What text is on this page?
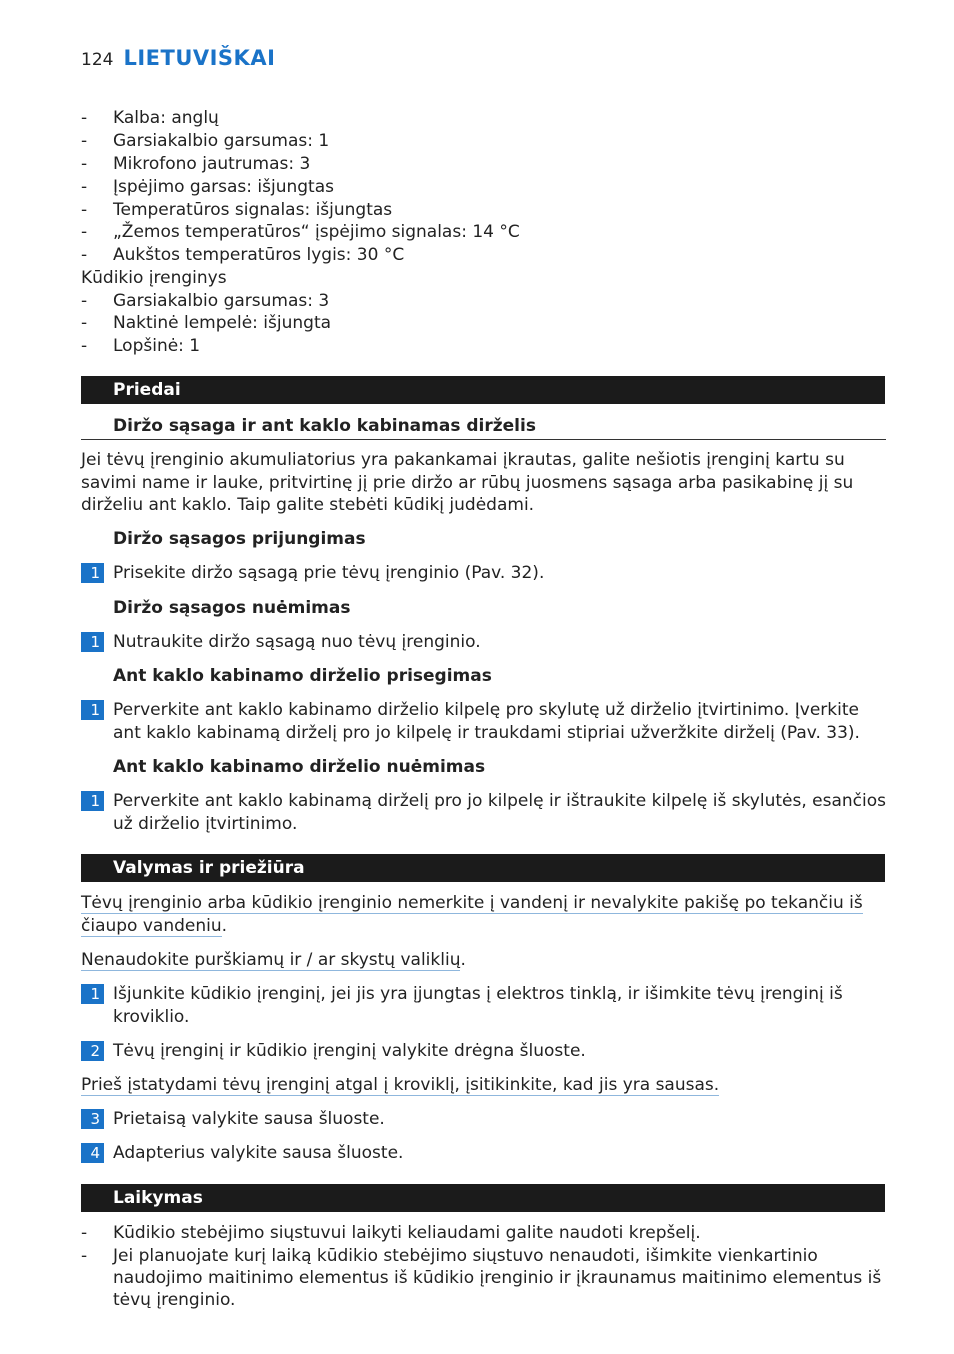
124 LIETUVIŠKAI
- Kalba: anglų
- Garsiakalbio garsumas: 1
- Mikrofono jautrumas: 3
- Įspėjimo garsas: išjungtas
- Temperatūros signalas: išjungtas
- „Žemos temperatūros“ įspėjimo signalas: 14 °C
- Aukštos temperatūros lygis: 30 °C
Kūdikio įrenginys
- Garsiakalbio garsumas: 3
- Naktinė lempelė: išjungta
- Lopšinė: 1
Priedai
Diržo sąsaga ir ant kaklo kabinamas dirželis
Jei tėvų įrenginio akumuliatorius yra pakankamai įkrautas, galite nešiotis įrenginį kartu su savimi name ir lauke, pritvirtinę jį prie diržo ar rūbų juosmens sąsaga arba pasikabinę jį su dirželiu ant kaklo. Taip galite stebėti kūdikį judėdami.
Diržo sąsagos prijungimas
1 Prisekite diržo sąsagą prie tėvų įrenginio (Pav. 32).
Diržo sąsagos nuėmimas
1 Nutraukite diržo sąsagą nuo tėvų įrenginio.
Ant kaklo kabinamo dirželio prisegimas
1 Perverkite ant kaklo kabinamo dirželio kilpelę pro skylutę už dirželio įtvirtinimo. Įverkite ant kaklo kabinamą dirželį pro jo kilpelę ir traukdami stipriai užveržkite dirželį (Pav. 33).
Ant kaklo kabinamo dirželio nuėmimas
1 Perverkite ant kaklo kabinamą dirželį pro jo kilpelę ir ištraukite kilpelę iš skylutės, esančios už dirželio įtvirtinimo.
Valymas ir priežiūra
Tėvų įrenginio arba kūdikio įrenginio nemerkite į vandenį ir nevalykite pakišę po tekančiu iš čiaupo vandeniu.
Nenaudokite purškiamų ir / ar skystų valiklių.
1 Išjunkite kūdikio įrenginį, jei jis yra įjungtas į elektros tinklą, ir išimkite tėvų įrenginį iš kroviklio.
2 Tėvų įrenginį ir kūdikio įrenginį valykite drėgna šluoste.
Prieš įstatydami tėvų įrenginį atgal į kroviklį, įsitikinkite, kad jis yra sausas.
3 Prietaisą valykite sausa šluoste.
4 Adapterius valykite sausa šluoste.
Laikymas
-	Kūdikio stebėjimo siųstuvui laikyti keliaudami galite naudoti krepšelį.
-	Jei planuojate kurį laiką kūdikio stebėjimo siųstuvo nenaudoti, išimkite vienkartinio naudojimo maitinimo elementus iš kūdikio įrenginio ir įkraunamus maitinimo elementus iš tėvų įrenginio.
